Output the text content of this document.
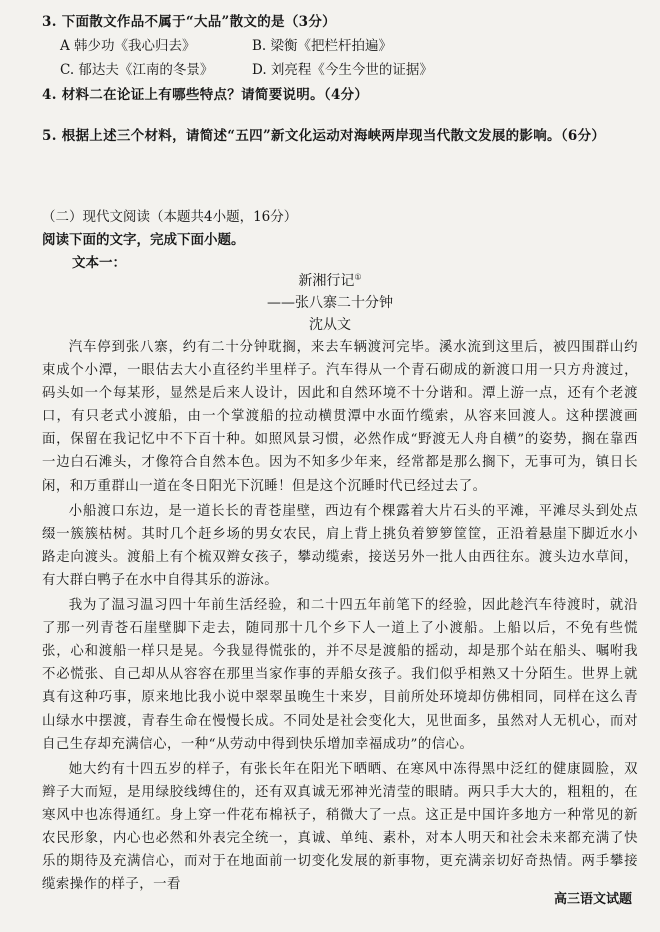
3. 下面散文作品不属于“大品”散文的是（3分）
A 韩少功《我心归去》	B. 梁衡《把栏杆拍遍》
C. 郁达夫《江南的冬景》	D. 刘亮程《今生今世的证据》
4. 材料二在论证上有哪些特点？请简要说明。（4分）
5. 根据上述三个材料，请简述“五四”新文化运动对海峡两岸现当代散文发展的影响。（6分）
（二）现代文阅读（本题共4小题，16分）
阅读下面的文字，完成下面小题。
文本一：
新湘行记①
——张八寨二十分钟
沈从文

汽车停到张八寨，约有二十分钟耽搁，来去车辆渡河完毕。溪水流到这里后，被四围群山约束成个小潭，一眼估去大小直径约半里样子。汽车得从一个青石砌成的新渡口用一只方舟渡过，码头如一个每某形，显然是后来人设计，因此和自然环境不十分谐和。潭上游一点，还有个老渡口，有只老式小渡船，由一个掌渡船的拉动横贯潭中水面竹缆索，从容来回渡人。这种摆渡画面，保留在我记忆中不下百十种。如照风景习惯，必然作成“野渡无人舟自横”的姿势，搁在靠西一边白石滩头，才像符合自然本色。因为不知多少年来，经常都是那么搁下，无事可为，镇日长闲，和万重群山一道在冬日阳光下沉睡！但是这个沉睡时代已经过去了。

小船渡口东边，是一道长长的青苍崖壁，西边有个棵露着大片石头的平滩，平滩尽头到处点缀一簇簇枯树。其时几个赶乡场的男女农民，肩上背上挑负着箩箩筐筐，正沿着悬崖下脚近水小路走向渡头。渡船上有个梳双辫女孩子，攀动缆索，接送另外一批人由西往东。渡头边水草间，有大群白鸭子在水中自得其乐的游泳。

我为了温习温习四十年前生活经验，和二十四五年前笔下的经验，因此趁汽车待渡时，就沿了那一列青苍石崖壁脚下走去，随同那十几个乡下人一道上了小渡船。上船以后，不免有些慌张，心和渡船一样只是晃。今我显得慌张的，并不尽是渡船的摇动，却是那个站在船头、嘱咐我不必慌张、自己却从从容容在那里当家作事的弄船女孩子。我们似乎相熟又十分陌生。世界上就真有这种巧事，原来地比我小说中翠翠虽晚生十来岁，目前所处环境却仿佛相同，同样在这么青山绿水中摆渡，青春生命在慢慢长成。不同处是社会变化大，见世面多，虽然对人无机心，而对自己生存却充满信心，一种“从劳动中得到快乐增加幸福成功”的信心。

她大约有十四五岁的样子，有张长年在阳光下晒晒、在寒风中冻得黑中泛红的健康圆脸，双辫子大而短，是用绿胶线缚住的，还有双真诚无邪神光清莹的眼睛。两只手大大的，粗粗的，在寒风中也冻得通红。身上穿一件花布棉袄子，稍微大了一点。这正是中国许多地方一种常见的新农民形象，内心也必然和外表完全统一，真诚、单纯、素朴，对本人明天和社会未来都充满了快乐的期待及充满信心，而对于在地面前一切变化发展的新事物，更充满亲切好奇热情。两手攀接缆索操作的样子，一看

高三语文试题
